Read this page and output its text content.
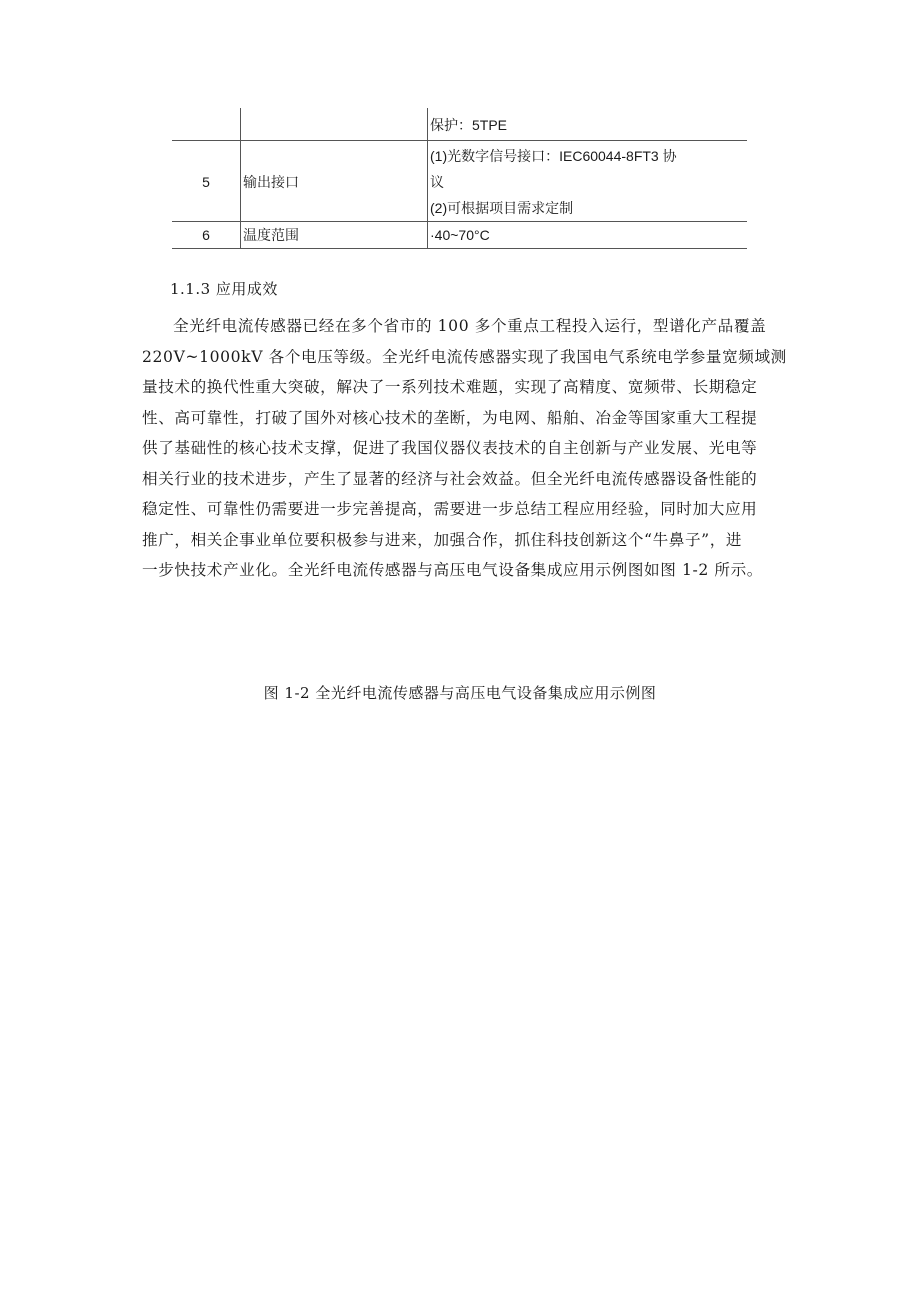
		保护：5TPE

5	输出接口	(1)光数字信号接口：IEC60044-8FT3 协
议
(2)可根据项目需求定制

6	温度范围	·40~70°C
1.1.3 应用成效
全光纤电流传感器已经在多个省市的 100 多个重点工程投入运行，型谱化产品覆盖
220V~1000kV 各个电压等级。全光纤电流传感器实现了我国电气系统电学参量宽频域测
量技术的换代性重大突破，解决了一系列技术难题，实现了高精度、宽频带、长期稳定
性、高可靠性，打破了国外对核心技术的垄断，为电网、船舶、冶金等国家重大工程提
供了基础性的核心技术支撑，促进了我国仪器仪表技术的自主创新与产业发展、光电等
相关行业的技术进步，产生了显著的经济与社会效益。但全光纤电流传感器设备性能的
稳定性、可靠性仍需要进一步完善提高，需要进一步总结工程应用经验，同时加大应用
推广，相关企事业单位要积极参与进来，加强合作，抓住科技创新这个“牛鼻子”，进
一步快技术产业化。全光纤电流传感器与高压电气设备集成应用示例图如图 1-2 所示。
图 1-2 全光纤电流传感器与高压电气设备集成应用示例图
